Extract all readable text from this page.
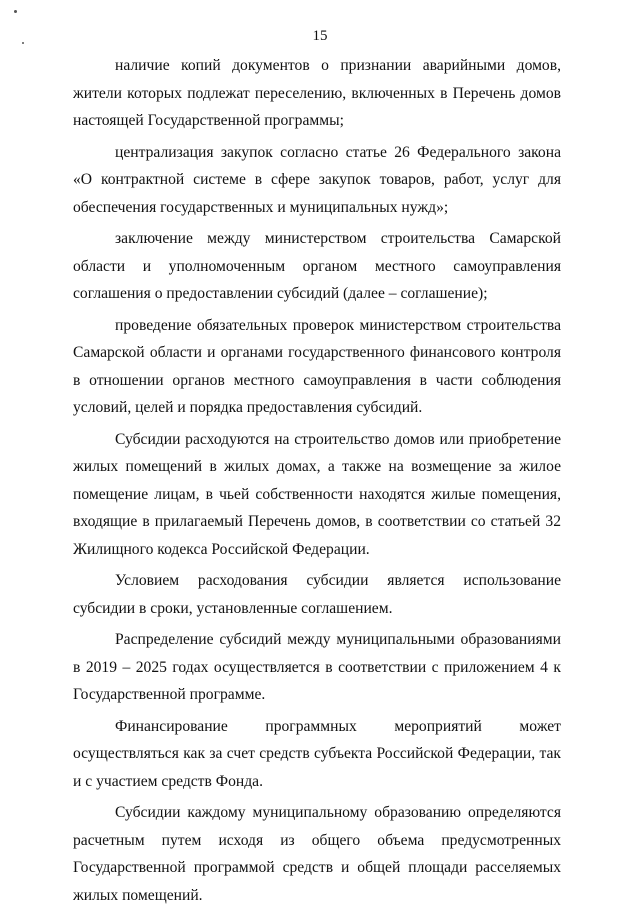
15

наличие копий документов о признании аварийными домов, жители которых подлежат переселению, включенных в Перечень домов настоящей Государственной программы;

централизация закупок согласно статье 26 Федерального закона «О контрактной системе в сфере закупок товаров, работ, услуг для обеспечения государственных и муниципальных нужд»;

заключение между министерством строительства Самарской области и уполномоченным органом местного самоуправления соглашения о предоставлении субсидий (далее – соглашение);

проведение обязательных проверок министерством строительства Самарской области и органами государственного финансового контроля в отношении органов местного самоуправления в части соблюдения условий, целей и порядка предоставления субсидий.

Субсидии расходуются на строительство домов или приобретение жилых помещений в жилых домах, а также на возмещение за жилое помещение лицам, в чьей собственности находятся жилые помещения, входящие в прилагаемый Перечень домов, в соответствии со статьей 32 Жилищного кодекса Российской Федерации.

Условием расходования субсидии является использование субсидии в сроки, установленные соглашением.

Распределение субсидий между муниципальными образованиями в 2019 – 2025 годах осуществляется в соответствии с приложением 4 к Государственной программе.

Финансирование программных мероприятий может осуществляться как за счет средств субъекта Российской Федерации, так и с участием средств Фонда.

Субсидии каждому муниципальному образованию определяются расчетным путем исходя из общего объема предусмотренных Государственной программой средств и общей площади расселяемых жилых помещений.
